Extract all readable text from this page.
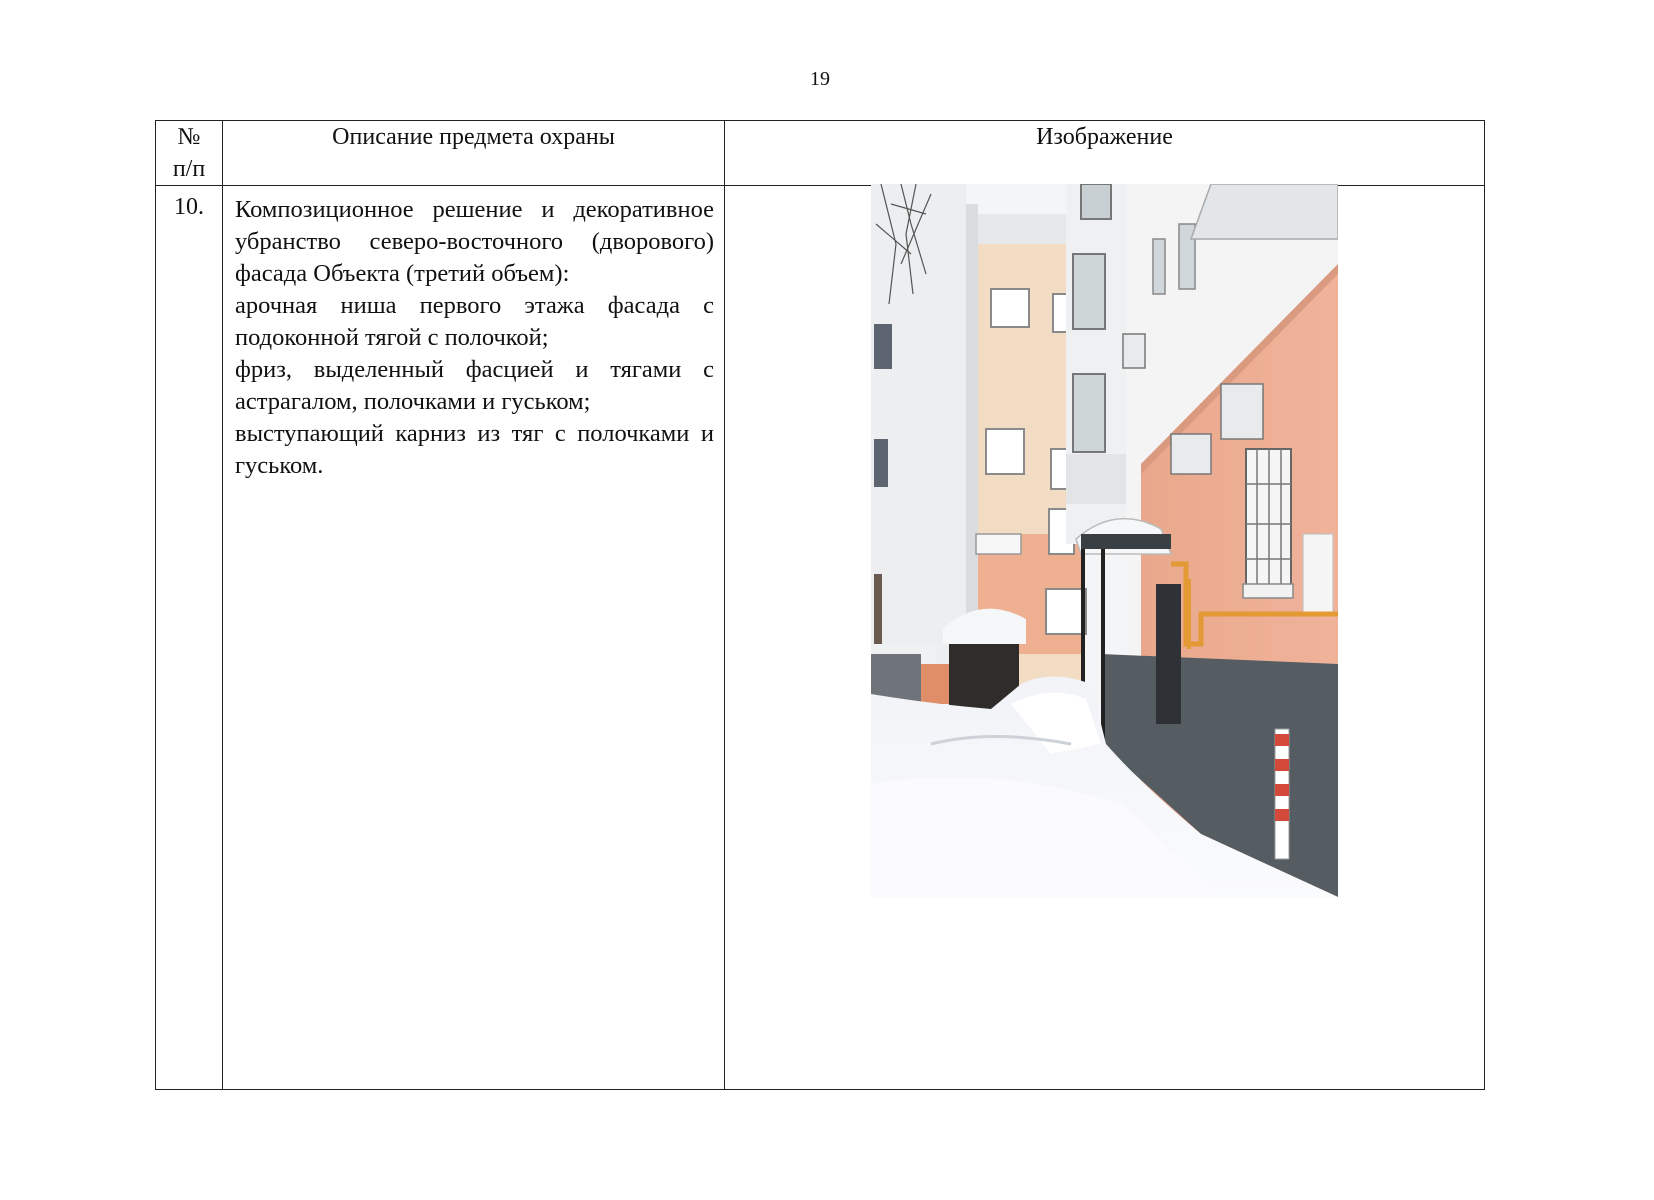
19
№
п/п	Описание предмета охраны	Изображение
10.	Композиционное решение и декоративное убранство северо-восточного (дворового) фасада Объекта (третий объем):

арочная ниша первого этажа фасада с подоконной тягой с полочкой;

фриз, выделенный фасцией и тягами с астрагалом, полочками и гуськом;

выступающий карниз из тяг с полочками и гуськом.
